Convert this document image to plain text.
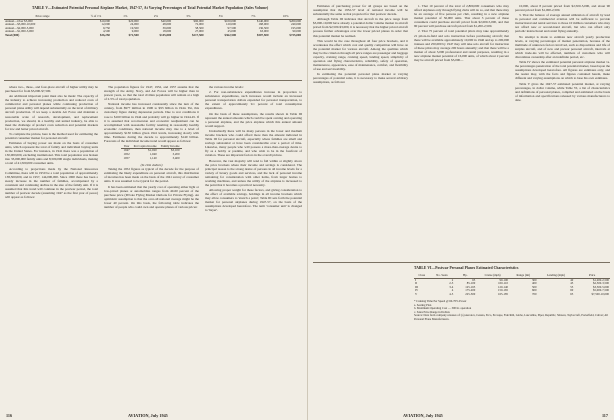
TABLE V—Estimated Potential Personal Airplane Market, 1947-57, At Varying Percentages of Total Potential Market Population (Sales Volume)
Price range	½ of 1%	1%	2%	3%	5%	7%	10%
Annual—Over $5,000	$10,000	$20,000	$40,000	$60,000	$100,000	$140,000	$200,000
Annual—$3,000-10,000	12,000	24,000	48,000	72,000	120,000	168,000	240,000
Annual—$2,000-5,000	9,750	19,500	39,000	58,500	97,500	136,500	195,000
Annual—$1,000-3,000	4,500	9,000	18,000	27,000	45,000	63,000	90,000
Total (000)	$36,250	$72,500	$145,000	$217,500	$362,500	$507,500	$725,000

where two-, three-, and four-place aircraft of higher utility may be purchased for from $5,000-$7,500.

An additional important point must also be made: The capacity of the industry to achieve increasing production and reduced costs of commercial and personal planes while continuing production of personal plane utility will depend substantially on the level of military aircraft production. If we keep a sizable Air Force and maintain a reasonable scale of research, development, and replacement production, we should, in a healthy and united industry, be able to meet the challenge of product costs reduction and potential markets for low and better priced aircraft.

To complete the picture, here is the method used for estimating the potential consumer market for personal aircraft:

Estimates of buying power are made on the basis of consumer units, which represent the total of family and individual buying units in the United States. For instance, in 1941 there was a population of 130,000,000, excluding institutional. This total population was broken into 33,000,000 family units and 8,500,000 single individuals, making a total of 41,500,000 consumer units.

According to projections made by the National Resources Committee, there will in 1950 be a total population of approximately 138,500,000, and in 1957, 144,000,000. Since 1900 there has been a steady increase in the number of families, accompanied by a consistent and continuing decline in the size of the family unit. If it is assumed that this trend will continue in the postwar period, the total number of postwar decade (assuming 1947 as the first year of peace) will appear as follows:

The population figures for 1947, 1952, and 1957 assume that the strength of the Army, Navy, and Air Forces will be higher than in prewar years, so that the total civilian population will remain at a high of 2.3% of total population.

National income has increased consistently since the turn of the century, from $977 million in 1900 to $93 billion in 1944. Yet, this customary figure during depression periods. Due to war conditions it rose to $160 billion in 1944 and probably will go higher in 1944-45. If it is assumed that reconversion and economic readjustment can be accomplished with reasonable facility resulting in reasonably healthy economic conditions, then national income may rise to a level of approximately $130 billion given 1941 levels, increasing slowly with time. Estimates during the decade to approximately $140 billion. Forecasts of the individual income trend would appear as follows:

Year	Per Capita Income	Family Income
1947	$1,020	$3,100
1952	1,040	3,200
1957	1,140	3,400
(In 1941 dollars)

Taking the 1952 figures as typical of the decade for the purpose of estimating the likely expenditure on personal aircraft, this distribution of incomes has been made on the basis of the 1941 survey of consumer units. It was assumed to be typical for the period.

It has been estimated that the yearly cost of operating either light or low-priced planes or automobiles ranges from 40-60 percent of the purchase price (Private Flying Market Outlook for Private Flying). An optimistic assumption is that the over-all national average might be the lower 40 percent. On this basis, the following table indicates the number of people who could own and operate planes of various prices:

the various income levels:

2. For non-subsistence expenditures increase in proportion to subsistence expenditures, such increases would include an increased personal transportation dollars expended for personal transportation, to the extent of approximately 9.1 percent of total consumption expenditures.

On the basis of these assumptions, the results shown in Table III represent the annual amounts which could be spent owning and operating a personal airplane, and the price airplane which this annual amount would support.

Undoubtedly there will be many persons in the lower and medium income brackets who could afford more than the amount indicated in Table III for personal aircraft, especially where families are small and savings substantial or have been considerable over a period of time. Likewise, many people who will possess a more-than-average desire to fly as a hobby or pastime, and who wish to be in the forefront of aviation. These are important factors in the overall picture.

However, the vast majority will tend to fall within or slightly above the price brackets where their income and savings is considered. The principal reason is the strong desire of persons in all income levels for a variety of luxury goods and services, and the lack of personal income remaining for consideration with other items, from larger homes to washing machines, and unless the utility of the airplane is increased to the point that it becomes a practical necessity.

Allowing proper weight for these factors, and giving consideration to the effect of available savings, holdings in all income brackets which may allow consumers to 'stretch a point', Table III sets forth the potential market for personal airplanes during 1947-57, on the basis of the assumptions developed heretofore. The term 'consumer unit' is changed to 'buyer'.

116	AVIATION, July 1945

Estimates of purchasing power for all groups are based on the assumption that the 1952-57 level of national income will be substantially the same as that projected for that postwar decade.

Although Table III indicates that aircraft in the price range from $3,000-10,000 have already a potential dollar volume market in aircraft priced from $2,500-$3,000, it is necessary that the higher priced aircraft possess further advantages over the lower priced planes in order that this potential market be realized.

This would be the case throughout all four price brackets, and it accentuates the effect which cost and quality competition will have on the potential market for various aircraft. Among the qualities which may be the criterion through all price ranges are passenger and baggage capacity, cruising range, cruising speed, landing speed, simplicity of operation and flying characteristics, reliability, safety of operation, maintenance, appearance, ease of maintenance, comfort, and flexibility of use and serviceability.

In estimating the potential personal plane market at varying percentages of potential sales, it is necessary to make several arbitrary assumptions, as follows:

1. That 10 percent of the total of 2,800,000 consumers who may afford airplanes only through flying clubs will do so, and that there may be an average of five persons per club, resulting in a new airplane market potential of 56,000 units. That about 3 percent of these consumers could purchase aircraft priced from $2,000-5,000, and that 90 percent will purchase aircraft priced from $1,200-2,500.

2. That 75 percent of total potential pilots may take approximately 21 pilots-in-field and solo instruction before purchasing aircraft; that there will be available approximately 10,000 in 1946 and up to 200,000 trainees and 250,000 by 1947 they will take solo aircraft for instruction of these pilots may average 200 hours annually; and that there will be a market of about 3,000 professional and rental purposes, resulting in a new airplane market potential of 16,000 units, of which about 2 percent may be aircraft priced from $5,000—

10,000, about 8 percent priced from $2,500-5,000, and about 90 percent priced from $1,000-2,500.

3. That the balance of average annual utilization of aircraft by lead in personal and commercial aviation will be sufficient to provide instructional and rental services to those 10 million customers who may not afford new or second-hand aircraft, but who can afford only periodic instructional and rental flying annually.

No attempt is made to estimate new aircraft yearly production levels, at varying percentages of market penetration, because of the multitude of unknown factors involved, such as dispositions and life of surplus aircraft, and of new and prewar personal aircraft, intervals at which trade-ins will be effected, numbers of customers who will discontinue ownership after an indefinite period, etc.

Table IV shows the estimated potential personal airplane market vs. the percentages penetration of the total potential market, based upon the assumptions developed heretofore. All figures are estimates only, and the reader may, with the facts and figures contained herein, make different and varying assumptions on which to base his own estimates.

Table V gives the 1947-57 estimated potential market, at varying percentages, in dollar volume, while Table VI, a list of characteristics and definitions of personal planes, compiled and estimated on the basis of information and specifications released by various manufacturers to date.

TABLE VI—Postwar Personal Planes Estimated Characteristics
Class	No. Seats	Hp.	Cruise (mph)	Range (mi)	Landing (mph)	Price
I	2	65	90-100	300	40	$1,200-2,500
II	2-3	85-100	100-110	400	45	$2,500-3,500
III	3-4	125-165	120-140	500	55	$3,500-5,000
IV	4	175-200	150-165	600	60	$5,000-7,500
V	4-5	225-300	165-185	700	65	$7,500-10,000
* Cruising Time Per Speed @ 60-70% Power
a. Seating Plan
b. Maximum Operating Cost — 300 hr. operation
c. Sales Price Range in Dollars
Source: Data from company releases of: (a) Aeronca, Cessna, Erco, Ercoupe, Fairchild, Globe, Luscombe, Piper, Republic, Stinson, Taylorcraft, Porterfield, Culver; All Personal Plane Manufacturers.
AVIATION, July 1945	117
